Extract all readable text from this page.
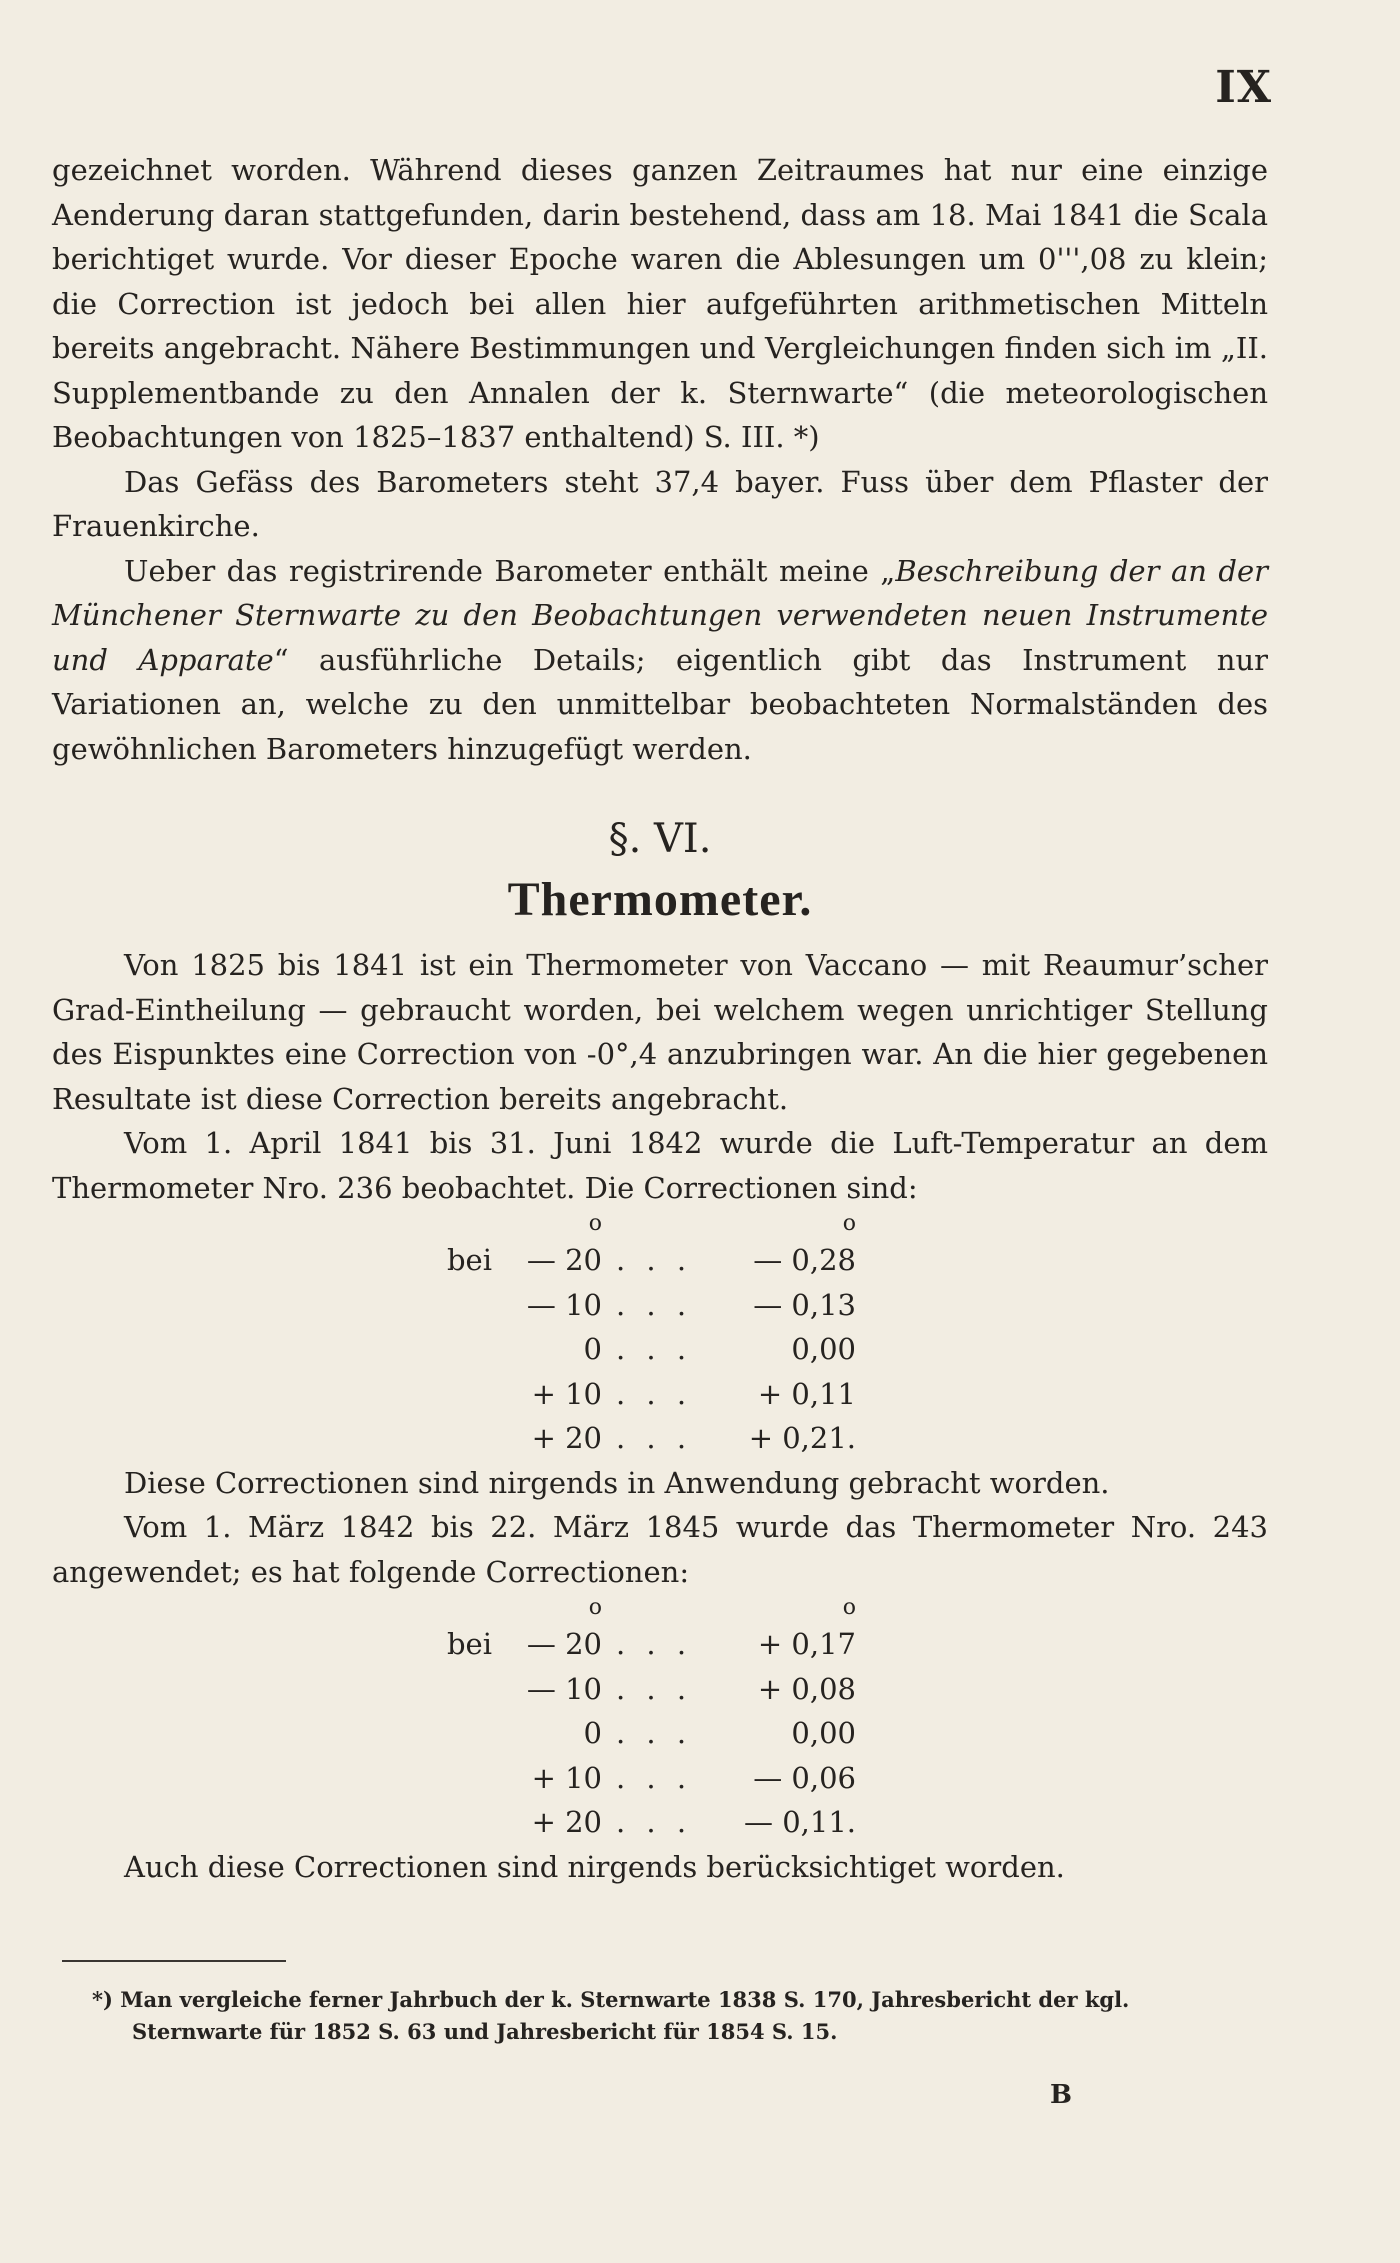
IX

gezeichnet worden. Während dieses ganzen Zeitraumes hat nur eine einzige Aenderung daran stattgefunden, darin bestehend, dass am 18. Mai 1841 die Scala berichtiget wurde. Vor dieser Epoche waren die Ablesungen um 0''',08 zu klein; die Correction ist jedoch bei allen hier aufgeführten arithmetischen Mitteln bereits angebracht. Nähere Bestimmungen und Vergleichungen finden sich im „II. Supplementbande zu den Annalen der k. Sternwarte“ (die meteorologischen Beobachtungen von 1825–1837 enthaltend) S. III. *)

Das Gefäss des Barometers steht 37,4 bayer. Fuss über dem Pflaster der Frauenkirche.

Ueber das registrirende Barometer enthält meine „Beschreibung der an der Münchener Sternwarte zu den Beobachtungen verwendeten neuen Instrumente und Apparate“ ausführliche Details; eigentlich gibt das Instrument nur Variationen an, welche zu den unmittelbar beobachteten Normalständen des gewöhnlichen Barometers hinzugefügt werden.

§. VI.
Thermometer.

Von 1825 bis 1841 ist ein Thermometer von Vaccano — mit Reaumur’scher Grad-Eintheilung — gebraucht worden, bei welchem wegen unrichtiger Stellung des Eispunktes eine Correction von -0°,4 anzubringen war. An die hier gegebenen Resultate ist diese Correction bereits angebracht.

Vom 1. April 1841 bis 31. Juni 1842 wurde die Luft-Temperatur an dem Thermometer Nro. 236 beobachtet. Die Correctionen sind:

	o		o
bei	— 20	. . .	— 0,28
	— 10	. . .	— 0,13
	0	. . .	0,00
	+ 10	. . .	+ 0,11
	+ 20	. . .	+ 0,21.

Diese Correctionen sind nirgends in Anwendung gebracht worden.

Vom 1. März 1842 bis 22. März 1845 wurde das Thermometer Nro. 243 angewendet; es hat folgende Correctionen:

	o		o
bei	— 20	. . .	+ 0,17
	— 10	. . .	+ 0,08
	0	. . .	0,00
	+ 10	. . .	— 0,06
	+ 20	. . .	— 0,11.

Auch diese Correctionen sind nirgends berücksichtiget worden.

*) Man vergleiche ferner Jahrbuch der k. Sternwarte 1838 S. 170, Jahresbericht der kgl.
Sternwarte für 1852 S. 63 und Jahresbericht für 1854 S. 15.
B
